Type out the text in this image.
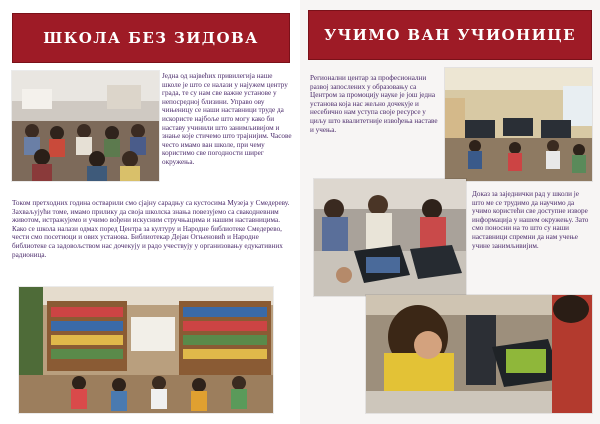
ШКОЛА БЕЗ ЗИДОВА

Једна од највећих привилегија наше школе је што се налази у најужем центру града, те су нам све важне установе у непосредној близини. Управо ову чињеницу се наши наставници труде да искористе најбоље што могу како би наставу учинили што занимљивијом и знање које стичемо што трајнијим. Часове често имамо ван школе, при чему користимо све погодности ширег окружења.

Током претходних година остварили смо сјајну сарадњу са кустосима Музеја у Смедереву. Захваљујући томе, имамо прилику да своја школска знања повезујемо са свакодневним животом, истражујемо и учимо вођени искусним стручњацима и нашим наставницима.

Како се школа налази одмах поред Центра за културу и Народне библиотеке Смедерево, чести смо посетиоци и ових установа. Библиотекар Дејан Огњеновић и Народне библиотеке са задовољством нас дочекују и радо учествују у организовању едукативних радионица.

УЧИМО ВАН УЧИОНИЦЕ

Регионални центар за професионални развој запослених у образовању са Центром за промоцију науке је још једна установа која нас жељно дочекује и несебично нам уступа своје ресурсе у циљу што квалитетније извођења наставе и учења.

Доказ за заједнички рад у школи је што ме се трудимо да научимо да учимо користећи све доступне изворе информација у нашем окружењу. Зато смо поносни на то што су наши наставници спремни да нам учење учине занимљивијим.
